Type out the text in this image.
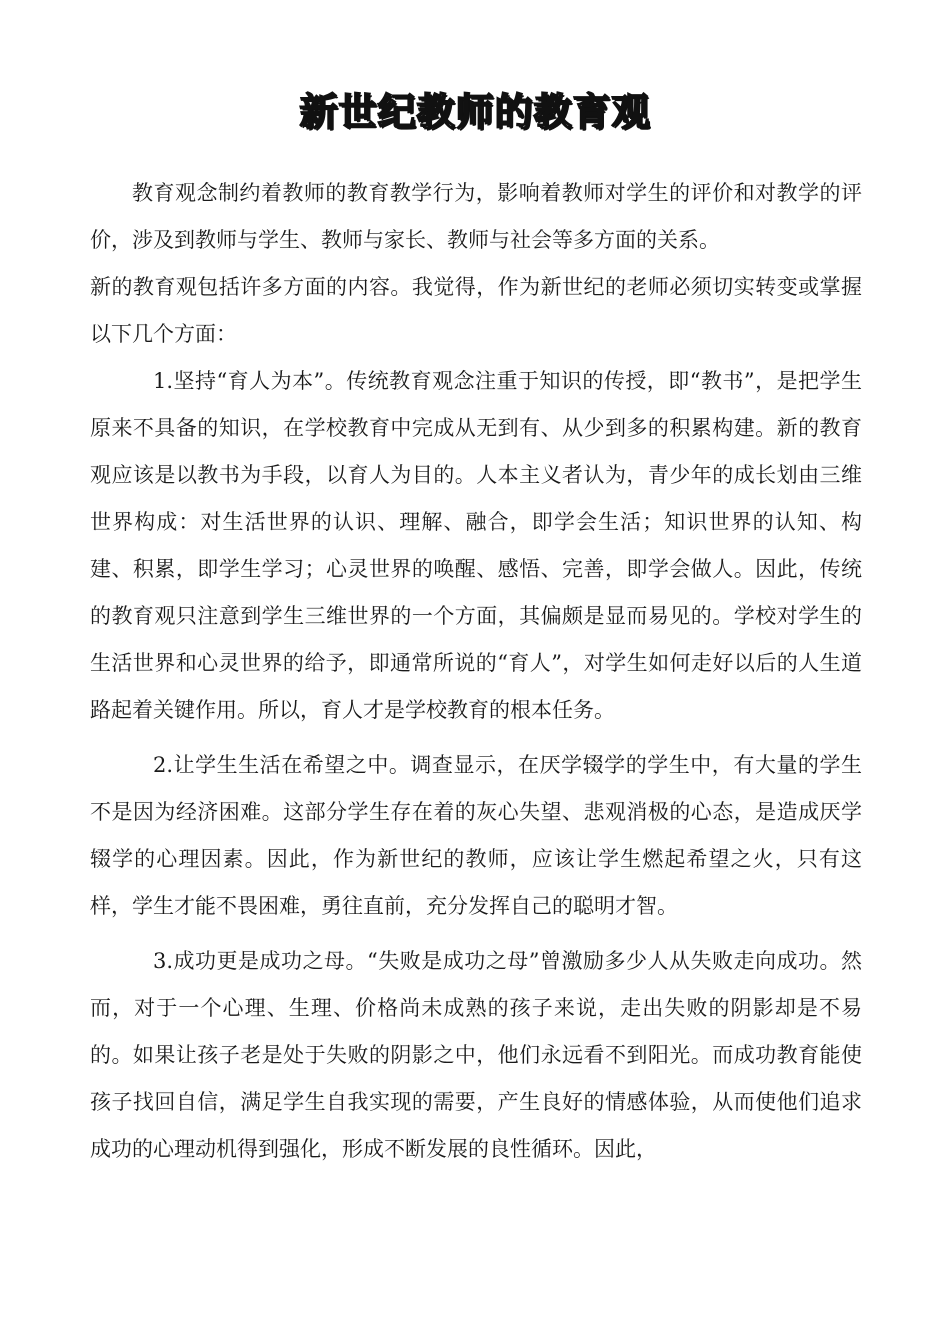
新世纪教师的教育观

教育观念制约着教师的教育教学行为，影响着教师对学生的评价和对教学的评价，涉及到教师与学生、教师与家长、教师与社会等多方面的关系。

新的教育观包括许多方面的内容。我觉得，作为新世纪的老师必须切实转变或掌握以下几个方面：

1.坚持“育人为本”。传统教育观念注重于知识的传授，即“教书”，是把学生原来不具备的知识，在学校教育中完成从无到有、从少到多的积累构建。新的教育观应该是以教书为手段，以育人为目的。人本主义者认为，青少年的成长划由三维世界构成：对生活世界的认识、理解、融合，即学会生活；知识世界的认知、构建、积累，即学生学习；心灵世界的唤醒、感悟、完善，即学会做人。因此，传统的教育观只注意到学生三维世界的一个方面，其偏颇是显而易见的。学校对学生的生活世界和心灵世界的给予，即通常所说的“育人”，对学生如何走好以后的人生道路起着关键作用。所以，育人才是学校教育的根本任务。

2.让学生生活在希望之中。调查显示，在厌学辍学的学生中，有大量的学生不是因为经济困难。这部分学生存在着的灰心失望、悲观消极的心态，是造成厌学辍学的心理因素。因此，作为新世纪的教师，应该让学生燃起希望之火，只有这样，学生才能不畏困难，勇往直前，充分发挥自己的聪明才智。

3.成功更是成功之母。“失败是成功之母”曾激励多少人从失败走向成功。然而，对于一个心理、生理、价格尚未成熟的孩子来说，走出失败的阴影却是不易的。如果让孩子老是处于失败的阴影之中，他们永远看不到阳光。而成功教育能使孩子找回自信，满足学生自我实现的需要，产生良好的情感体验，从而使他们追求成功的心理动机得到强化，形成不断发展的良性循环。因此，
